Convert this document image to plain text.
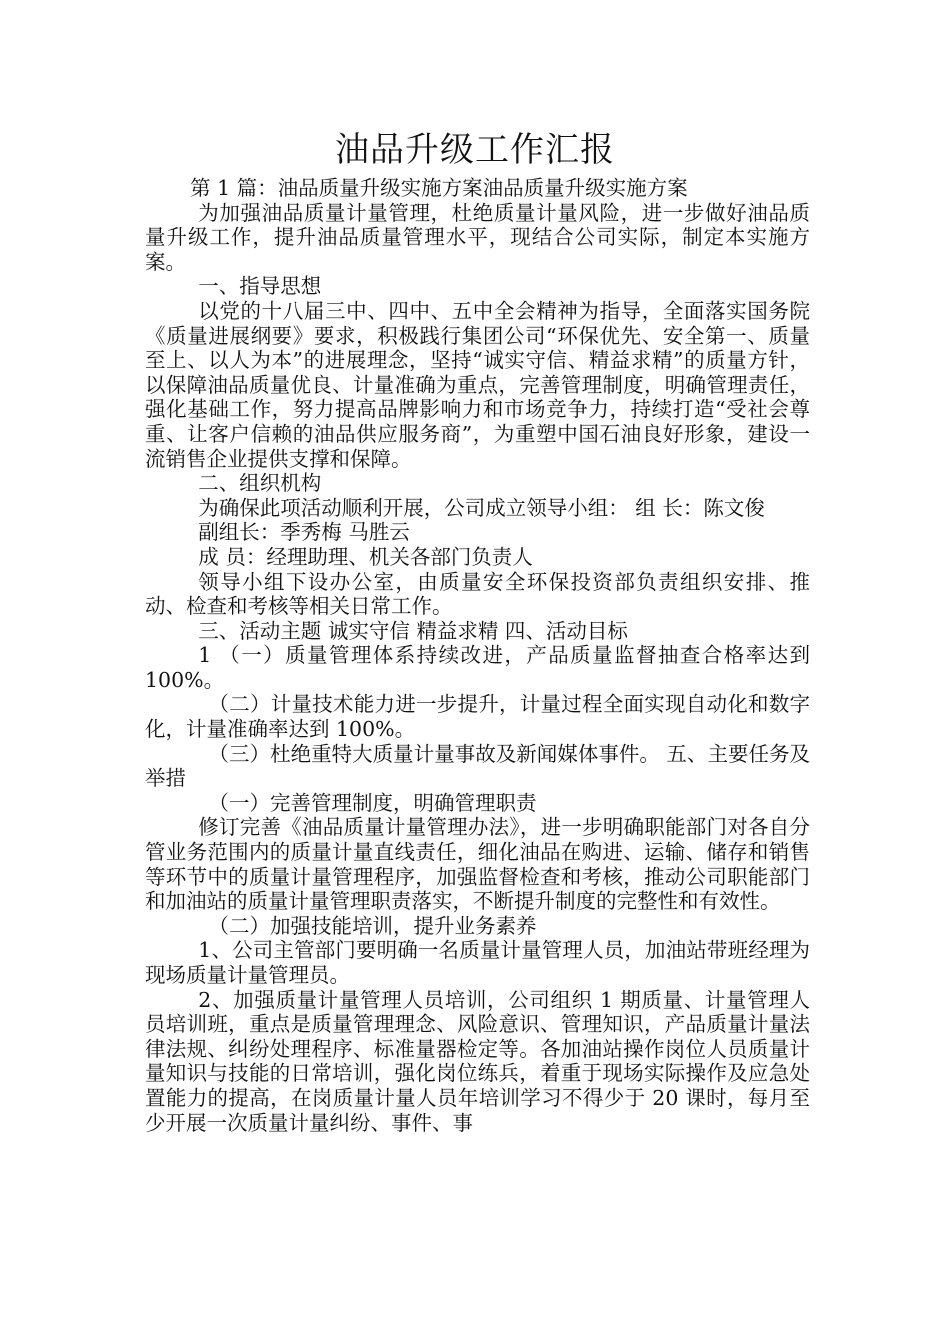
油品升级工作汇报

第 1 篇：油品质量升级实施方案油品质量升级实施方案

为加强油品质量计量管理，杜绝质量计量风险，进一步做好油品质量升级工作，提升油品质量管理水平，现结合公司实际，制定本实施方案。

一、指导思想

以党的十八届三中、四中、五中全会精神为指导，全面落实国务院《质量进展纲要》要求，积极践行集团公司“环保优先、安全第一、质量至上、以人为本”的进展理念，坚持“诚实守信、精益求精”的质量方针，以保障油品质量优良、计量准确为重点，完善管理制度，明确管理责任，强化基础工作，努力提高品牌影响力和市场竞争力，持续打造“受社会尊重、让客户信赖的油品供应服务商”，为重塑中国石油良好形象，建设一流销售企业提供支撑和保障。

二、组织机构

为确保此项活动顺利开展，公司成立领导小组： 组 长：陈文俊

副组长：季秀梅 马胜云

成 员：经理助理、机关各部门负责人

领导小组下设办公室，由质量安全环保投资部负责组织安排、推动、检查和考核等相关日常工作。

三、活动主题 诚实守信 精益求精 四、活动目标

1 （一）质量管理体系持续改进，产品质量监督抽查合格率达到 100%。

（二）计量技术能力进一步提升，计量过程全面实现自动化和数字化，计量准确率达到 100%。

（三）杜绝重特大质量计量事故及新闻媒体事件。 五、主要任务及举措

（一）完善管理制度，明确管理职责

修订完善《油品质量计量管理办法》，进一步明确职能部门对各自分管业务范围内的质量计量直线责任，细化油品在购进、运输、储存和销售等环节中的质量计量管理程序，加强监督检查和考核，推动公司职能部门和加油站的质量计量管理职责落实，不断提升制度的完整性和有效性。

（二）加强技能培训，提升业务素养

1、公司主管部门要明确一名质量计量管理人员，加油站带班经理为现场质量计量管理员。

2、加强质量计量管理人员培训，公司组织 1 期质量、计量管理人员培训班，重点是质量管理理念、风险意识、管理知识，产品质量计量法律法规、纠纷处理程序、标准量器检定等。各加油站操作岗位人员质量计量知识与技能的日常培训，强化岗位练兵，着重于现场实际操作及应急处置能力的提高，在岗质量计量人员年培训学习不得少于 20 课时，每月至少开展一次质量计量纠纷、事件、事
